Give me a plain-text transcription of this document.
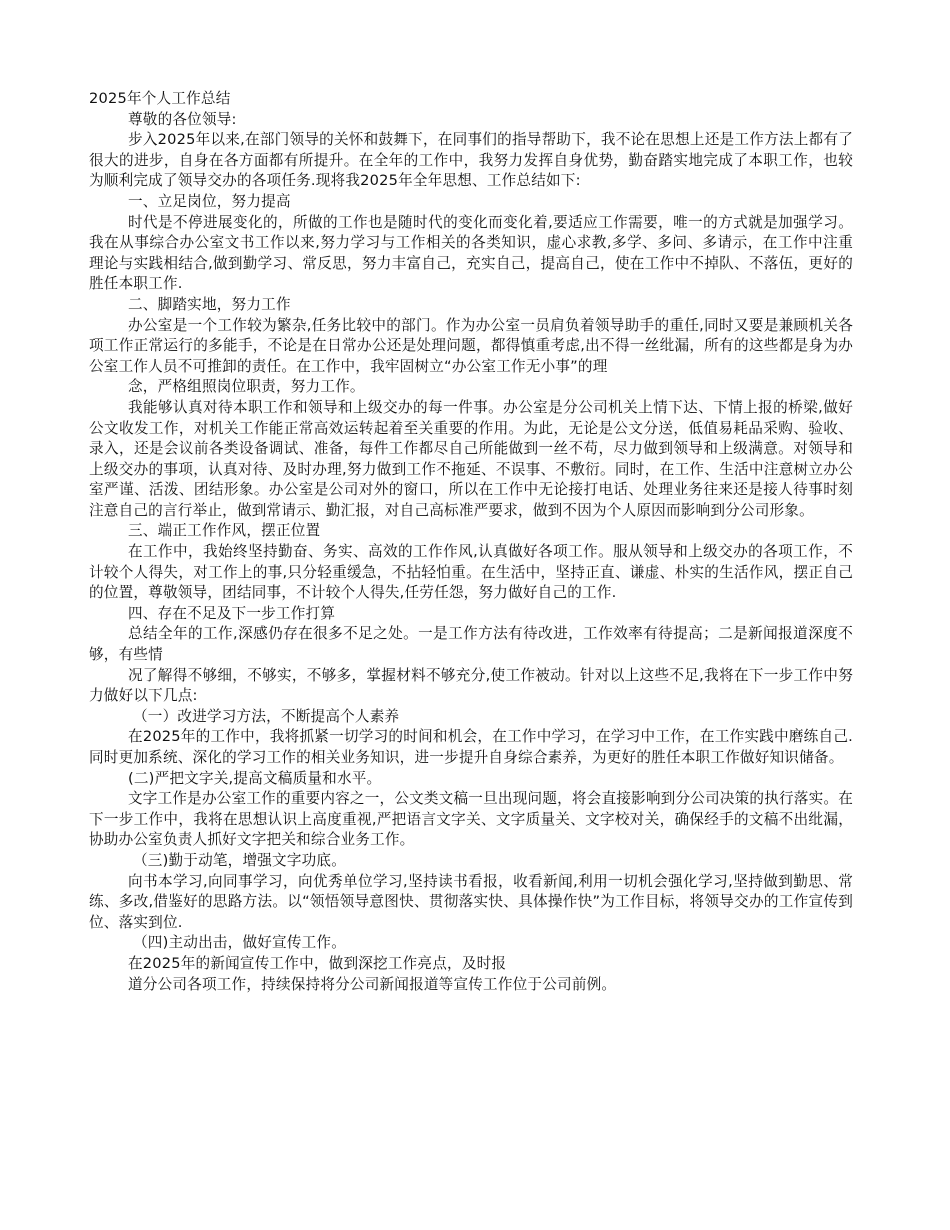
2025年个人工作总结

尊敬的各位领导:

步入2025年以来,在部门领导的关怀和鼓舞下，在同事们的指导帮助下，我不论在思想上还是工作方法上都有了很大的进步，自身在各方面都有所提升。在全年的工作中，我努力发挥自身优势，勤奋踏实地完成了本职工作，也较为顺利完成了领导交办的各项任务.现将我2025年全年思想、工作总结如下:

一、立足岗位，努力提高

时代是不停进展变化的，所做的工作也是随时代的变化而变化着,要适应工作需要，唯一的方式就是加强学习。我在从事综合办公室文书工作以来,努力学习与工作相关的各类知识，虚心求教,多学、多问、多请示，在工作中注重理论与实践相结合,做到勤学习、常反思，努力丰富自己，充实自己，提高自己，使在工作中不掉队、不落伍，更好的胜任本职工作.

二、脚踏实地，努力工作

办公室是一个工作较为繁杂,任务比较中的部门。作为办公室一员肩负着领导助手的重任,同时又要是兼顾机关各项工作正常运行的多能手，不论是在日常办公还是处理问题，都得慎重考虑,出不得一丝纰漏，所有的这些都是身为办公室工作人员不可推卸的责任。在工作中，我牢固树立“办公室工作无小事”的理

念，严格组照岗位职责，努力工作。

我能够认真对待本职工作和领导和上级交办的每一件事。办公室是分公司机关上情下达、下情上报的桥梁,做好公文收发工作，对机关工作能正常高效运转起着至关重要的作用。为此，无论是公文分送，低值易耗品采购、验收、录入，还是会议前各类设备调试、准备，每件工作都尽自己所能做到一丝不苟，尽力做到领导和上级满意。对领导和上级交办的事项，认真对待、及时办理,努力做到工作不拖延、不误事、不敷衍。同时，在工作、生活中注意树立办公室严谨、活泼、团结形象。办公室是公司对外的窗口，所以在工作中无论接打电话、处理业务往来还是接人待事时刻注意自己的言行举止，做到常请示、勤汇报，对自己高标准严要求，做到不因为个人原因而影响到分公司形象。

三、端正工作作风，摆正位置

在工作中，我始终坚持勤奋、务实、高效的工作作风,认真做好各项工作。服从领导和上级交办的各项工作，不计较个人得失，对工作上的事,只分轻重缓急，不拈轻怕重。在生活中，坚持正直、谦虚、朴实的生活作风，摆正自己的位置，尊敬领导，团结同事，不计较个人得失,任劳任怨，努力做好自己的工作.

四、存在不足及下一步工作打算

总结全年的工作,深感仍存在很多不足之处。一是工作方法有待改进，工作效率有待提高；二是新闻报道深度不够，有些情

况了解得不够细，不够实，不够多，掌握材料不够充分,使工作被动。针对以上这些不足,我将在下一步工作中努力做好以下几点:

（一）改进学习方法，不断提高个人素养

在2025年的工作中，我将抓紧一切学习的时间和机会，在工作中学习，在学习中工作，在工作实践中磨练自己.同时更加系统、深化的学习工作的相关业务知识，进一步提升自身综合素养，为更好的胜任本职工作做好知识储备。

(二)严把文字关,提高文稿质量和水平。

文字工作是办公室工作的重要内容之一，公文类文稿一旦出现问题，将会直接影响到分公司决策的执行落实。在下一步工作中，我将在思想认识上高度重视,严把语言文字关、文字质量关、文字校对关，确保经手的文稿不出纰漏，协助办公室负责人抓好文字把关和综合业务工作。

（三)勤于动笔，增强文字功底。

向书本学习,向同事学习，向优秀单位学习,坚持读书看报，收看新闻,利用一切机会强化学习,坚持做到勤思、常练、多改,借鉴好的思路方法。以“领悟领导意图快、贯彻落实快、具体操作快”为工作目标，将领导交办的工作宣传到位、落实到位.

（四)主动出击，做好宣传工作。

在2025年的新闻宣传工作中，做到深挖工作亮点，及时报

道分公司各项工作，持续保持将分公司新闻报道等宣传工作位于公司前例。
